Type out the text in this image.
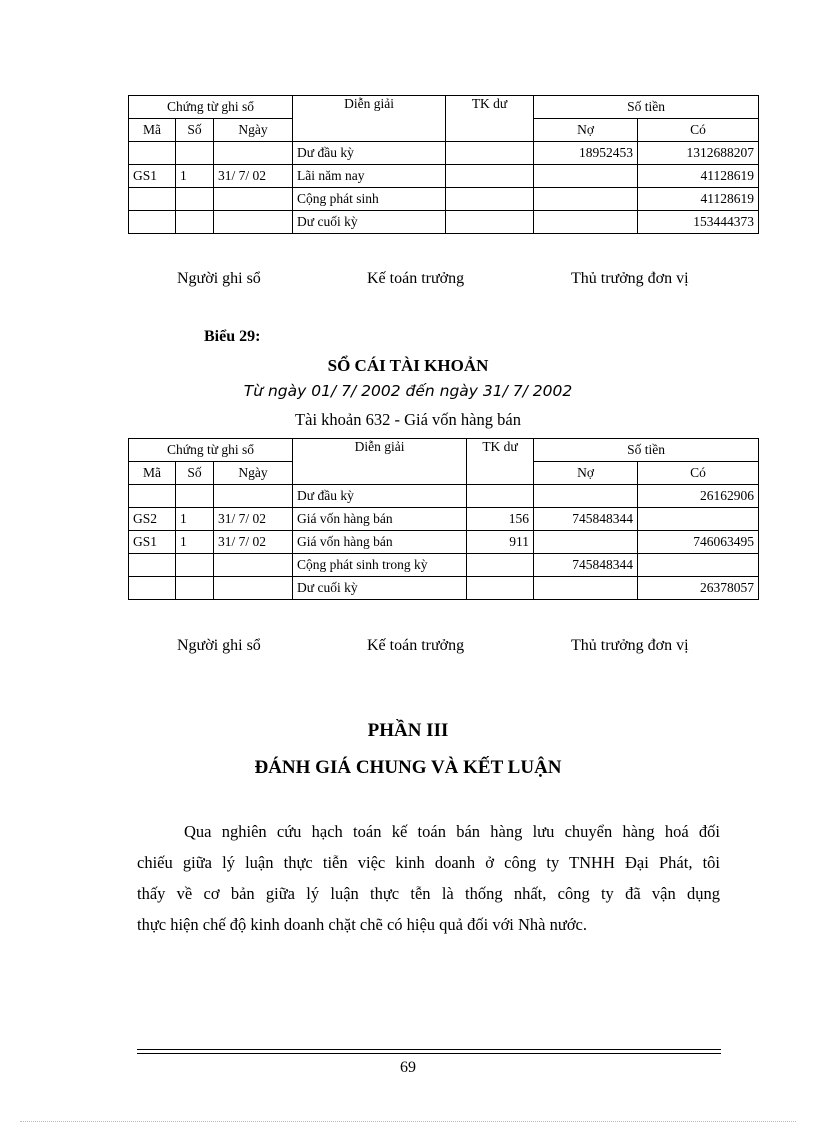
Chứng từ ghi sổ			Diễn giải	TK dư	Số tiền	
Mã	Số	Ngày			Nợ	Có
			Dư đầu kỳ		18952453	1312688207
GS1	1	31/ 7/ 02	Lãi năm nay			41128619
			Cộng phát sinh			41128619
			Dư cuối kỳ			153444373
Người ghi sổ	Kế toán trưởng	Thủ trưởng đơn vị
Biểu 29:
SỔ CÁI TÀI KHOẢN
Từ ngày 01/ 7/ 2002 đến ngày 31/ 7/ 2002
Tài khoản 632 - Giá vốn hàng bán
Chứng từ ghi sổ			Diễn giải	TK dư	Số tiền	
Mã	Số	Ngày			Nợ	Có
			Dư đầu kỳ			26162906
GS2	1	31/ 7/ 02	Giá vốn hàng bán	156	745848344	
GS1	1	31/ 7/ 02	Giá vốn hàng bán	911		746063495
			Cộng phát sinh trong kỳ		745848344	
			Dư cuối kỳ			26378057
Người ghi sổ	Kế toán trưởng	Thủ trưởng đơn vị
PHẦN III
ĐÁNH GIÁ CHUNG VÀ KẾT LUẬN
Qua nghiên cứu hạch toán kế toán bán hàng lưu chuyển hàng hoá đối
chiếu giữa lý luận thực tiễn việc kinh doanh ở công ty TNHH Đại Phát, tôi
thấy về cơ bản giữa lý luận thực tễn là thống nhất, công ty đã vận dụng
thực hiện chế độ kinh doanh chặt chẽ có hiệu quả đối với Nhà nước.
69
